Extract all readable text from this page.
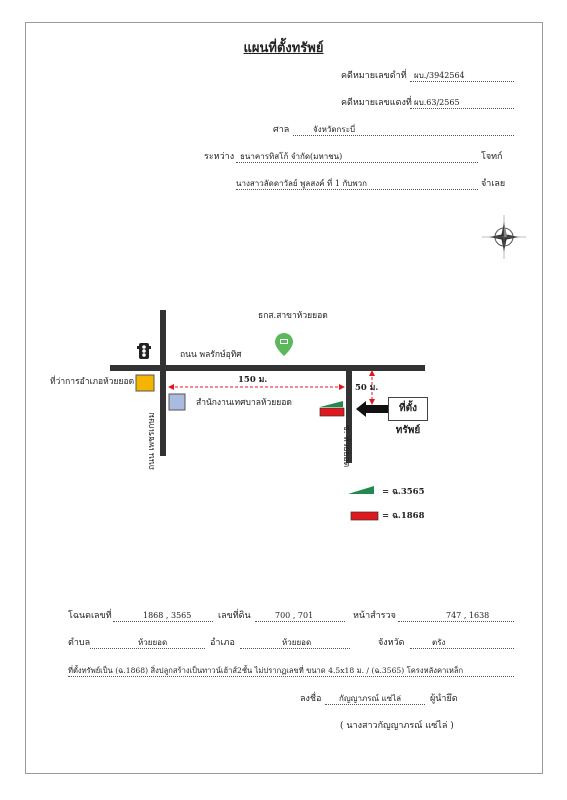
แผนที่ตั้งทรัพย์
คดีหมายเลขดำที่ ผบ./3942564
คดีหมายเลขแดงที่ ผบ.63/2565
ศาล	จังหวัดกระบี่
ระหว่าง ธนาคารทิสโก้ จำกัด(มหาชน)	โจทก์
นางสาวลัดดาวัลย์ พูลสงค์ ที่ 1 กับพวก	จำเลย
ธกส.สาขาห้วยยอด
ถนน พลรักษ์อุทิศ
ที่ว่าการอำเภอห้วยยอด
สำนักงานเทศบาลห้วยยอด
150 ม.
50 ม.
ถนน เพชรเกษม	ซ. ห้วยยอด
ที่ตั้งทรัพย์
= ฉ.3565
= ฉ.1868
โฉนดเลขที่	1868 , 3565	เลขที่ดิน	700 , 701	หน้าสำรวจ	747 , 1638
ตำบล	ห้วยยอด	อำเภอ	ห้วยยอด	จังหวัด	ตรัง
ที่ตั้งทรัพย์เป็น (ฉ.1868) สิ่งปลูกสร้างเป็นทาวน์เฮ้าส์2ชั้น ไม่ปรากฏเลขที่ ขนาด 4.5x18 ม. / (ฉ.3565) โครงหลังคาเหล็ก
ลงชื่อ	กัญญาภรณ์ แซ่ไล่	ผู้นำยึด
( นางสาวกัญญาภรณ์ แซ่ไล่ )
